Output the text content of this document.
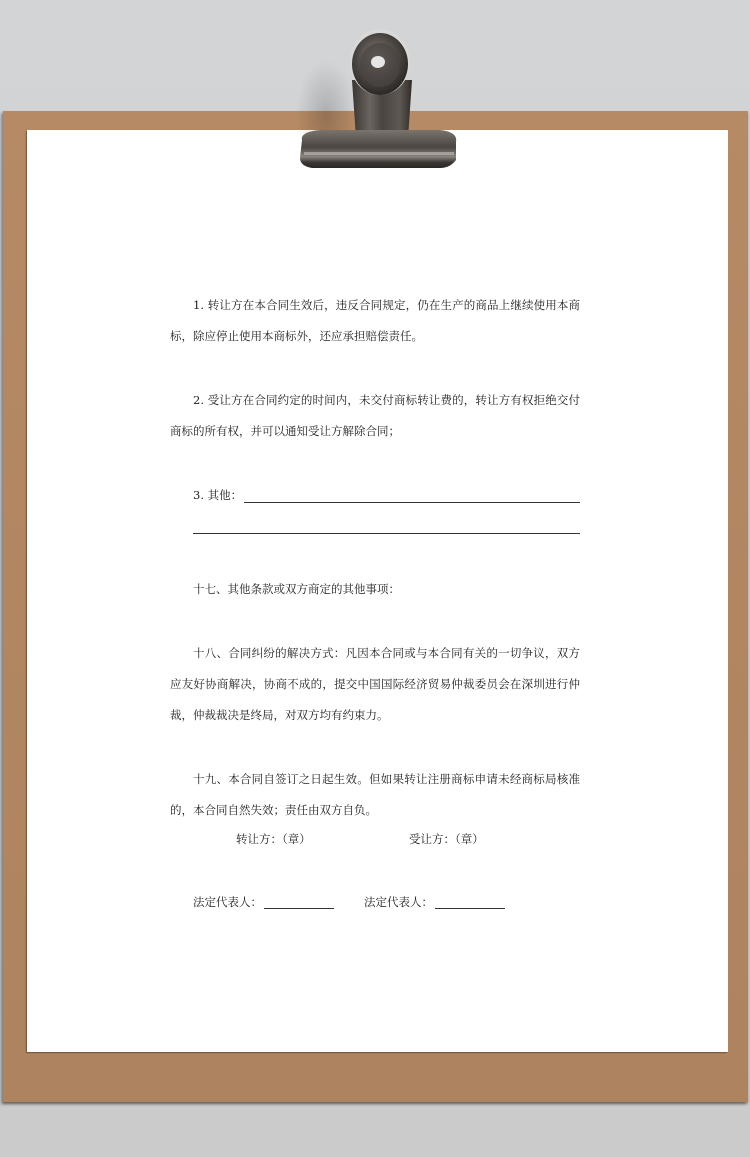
1. 转让方在本合同生效后，违反合同规定，仍在生产的商品上继续使用本商标，除应停止使用本商标外，还应承担赔偿责任。

2. 受让方在合同约定的时间内，未交付商标转让费的，转让方有权拒绝交付商标的所有权，并可以通知受让方解除合同；

3.
其他：

十七、其他条款或双方商定的其他事项：

十八、合同纠纷的解决方式：凡因本合同或与本合同有关的一切争议，双方应友好协商解决，协商不成的，提交中国国际经济贸易仲裁委员会在深圳进行仲裁，仲裁裁决是终局，对双方均有约束力。

十九、本合同自签订之日起生效。但如果转让注册商标申请未经商标局核准的，本合同自然失效；责任由双方自负。

转让方：（章）	受让方：（章）
法定代表人：	法定代表人：
